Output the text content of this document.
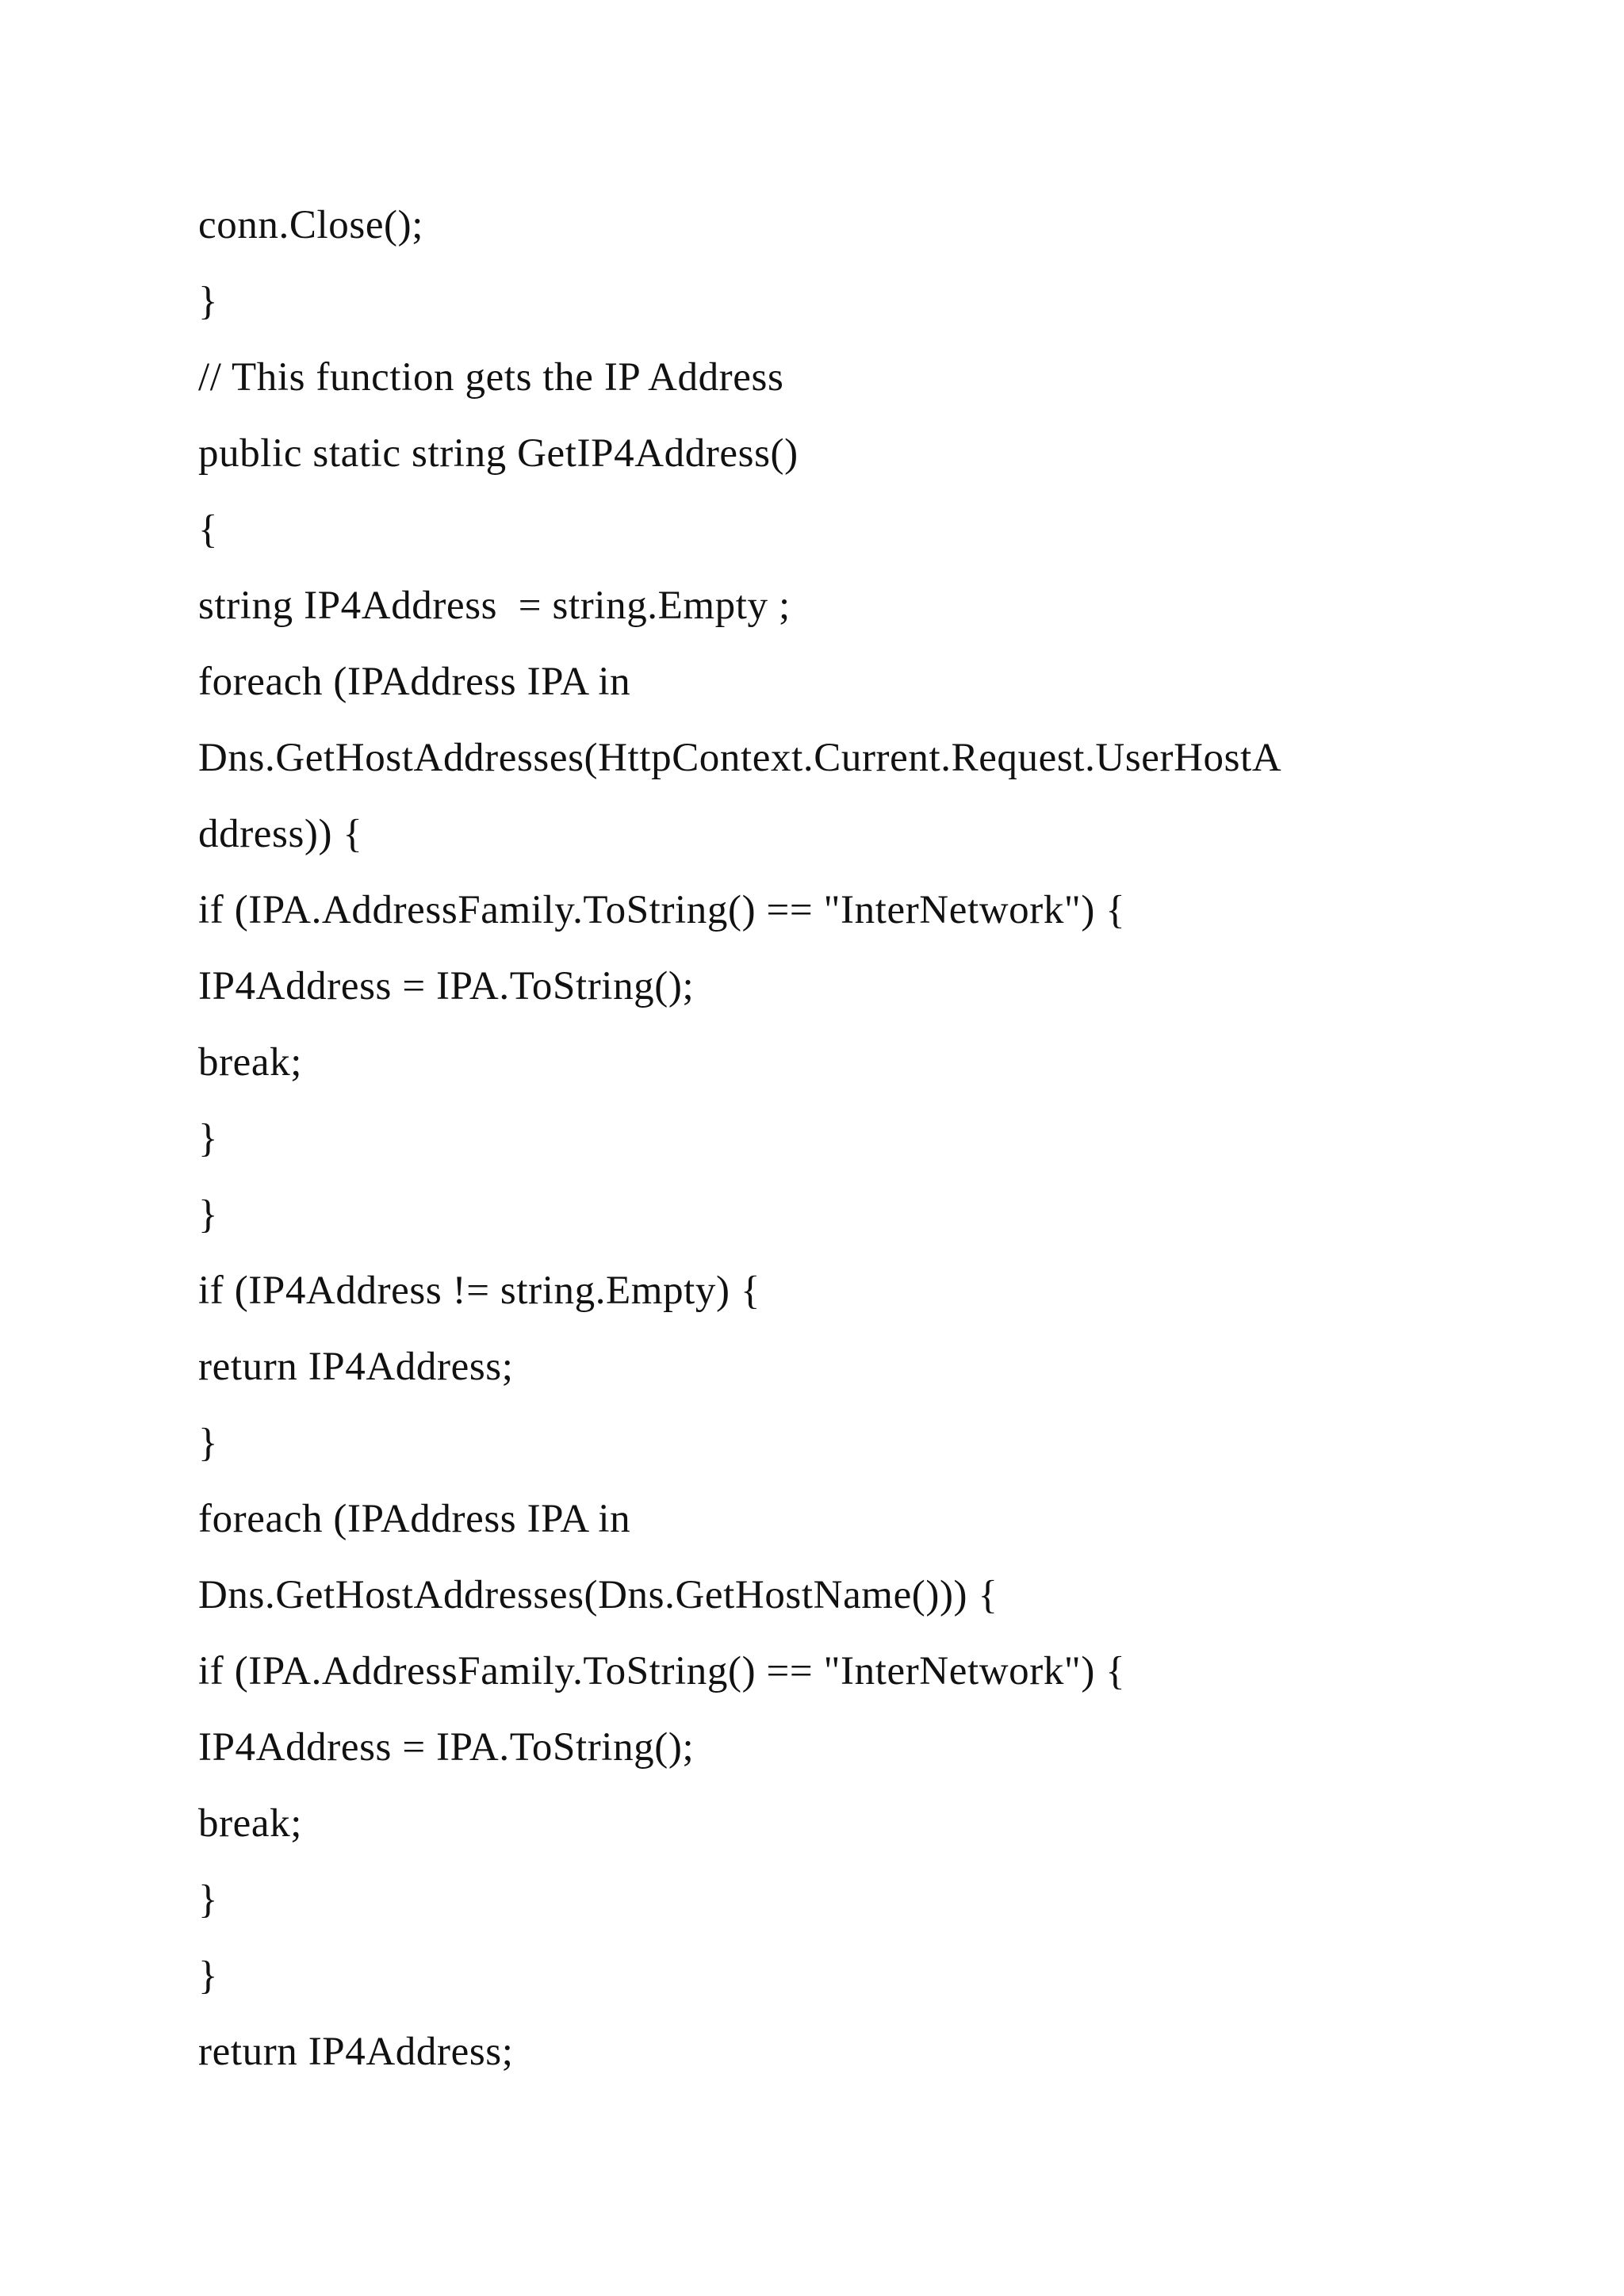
conn.Close();
}
// This function gets the IP Address
public static string GetIP4Address()
{
string IP4Address  = string.Empty ;
foreach (IPAddress IPA in
Dns.GetHostAddresses(HttpContext.Current.Request.UserHostA
ddress)) {
if (IPA.AddressFamily.ToString() == "InterNetwork") {
IP4Address = IPA.ToString();
break;
}
}
if (IP4Address != string.Empty) {
return IP4Address;
}
foreach (IPAddress IPA in
Dns.GetHostAddresses(Dns.GetHostName())) {
if (IPA.AddressFamily.ToString() == "InterNetwork") {
IP4Address = IPA.ToString();
break;
}
}
return IP4Address;
